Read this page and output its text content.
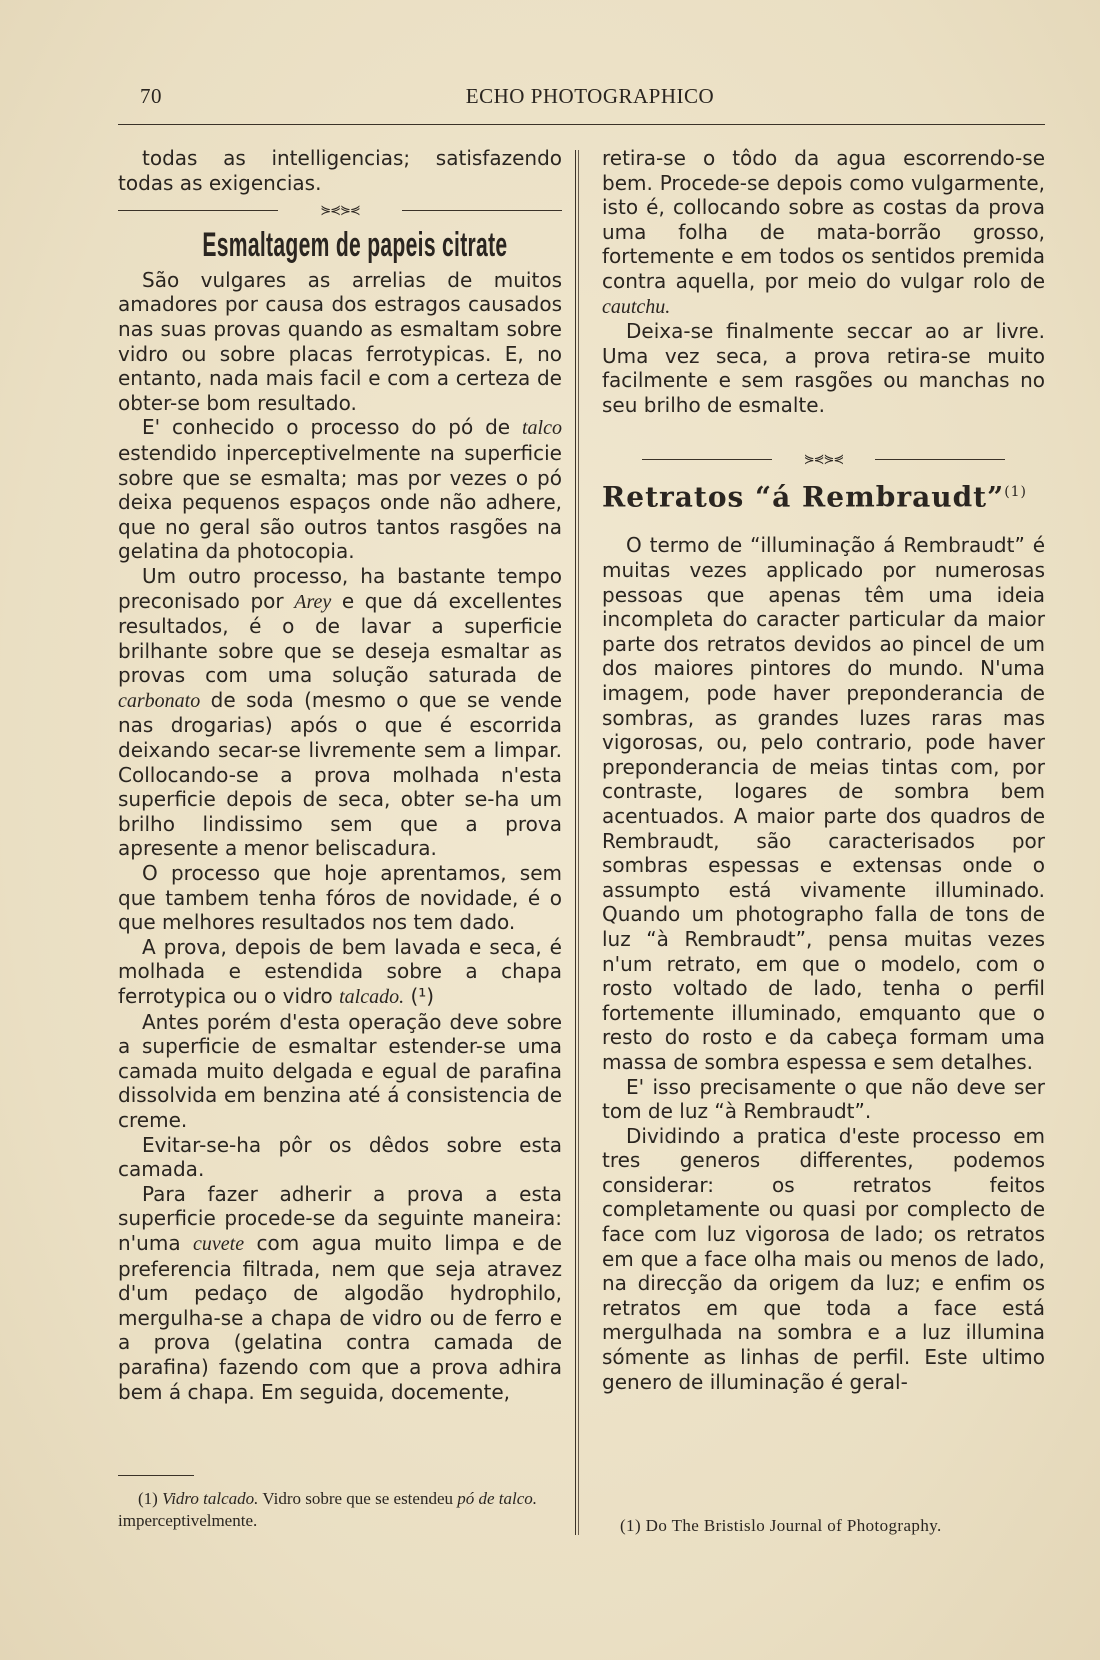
70	ECHO PHOTOGRAPHICO

todas as intelligencias; satisfazendo todas as exigencias.

⋟⋞⋟⋞
Esmaltagem de papeis citrate

São vulgares as arrelias de muitos amadores por causa dos estragos causados nas suas provas quando as esmaltam sobre vidro ou sobre placas ferrotypicas. E, no entanto, nada mais facil e com a certeza de obter-se bom resultado.

E' conhecido o processo do pó de talco estendido inperceptivelmente na superficie sobre que se esmalta; mas por vezes o pó deixa pequenos espaços onde não adhere, que no geral são outros tantos rasgões na gelatina da photocopia.

Um outro processo, ha bastante tempo preconisado por Arey e que dá excellentes resultados, é o de lavar a superficie brilhante sobre que se deseja esmaltar as provas com uma solução saturada de carbonato de soda (mesmo o que se vende nas drogarias) após o que é escorrida deixando secar-se livremente sem a limpar. Collocando-se a prova molhada n'esta superficie depois de seca, obter se-ha um brilho lindissimo sem que a prova apresente a menor beliscadura.

O processo que hoje aprentamos, sem que tambem tenha fóros de novidade, é o que melhores resultados nos tem dado.

A prova, depois de bem lavada e seca, é molhada e estendida sobre a chapa ferrotypica ou o vidro talcado. (¹)

Antes porém d'esta operação deve sobre a superficie de esmaltar estender-se uma camada muito delgada e egual de parafina dissolvida em benzina até á consistencia de creme.

Evitar-se-ha pôr os dêdos sobre esta camada.

Para fazer adherir a prova a esta superficie procede-se da seguinte maneira: n'uma cuvete com agua muito limpa e de preferencia filtrada, nem que seja atravez d'um pedaço de algodão hydrophilo, mergulha-se a chapa de vidro ou de ferro e a prova (gelatina contra camada de parafina) fazendo com que a prova adhira bem á chapa. Em seguida, docemente,

(1) Vidro talcado. Vidro sobre que se estendeu pó de talco. imperceptivelmente.

retira-se o tôdo da agua escorrendo-se bem. Procede-se depois como vulgarmente, isto é, collocando sobre as costas da prova uma folha de mata-borrão grosso, fortemente e em todos os sentidos premida contra aquella, por meio do vulgar rolo de cautchu.

Deixa-se finalmente seccar ao ar livre. Uma vez seca, a prova retira-se muito facilmente e sem rasgões ou manchas no seu brilho de esmalte.

⋟⋞⋟⋞
Retratos “á Rembraudt”$^{(1)}$

O termo de “illuminação á Rembraudt” é muitas vezes applicado por numerosas pessoas que apenas têm uma ideia incompleta do caracter particular da maior parte dos retratos devidos ao pincel de um dos maiores pintores do mundo. N'uma imagem, pode haver preponderancia de sombras, as grandes luzes raras mas vigorosas, ou, pelo contrario, pode haver preponderancia de meias tintas com, por contraste, logares de sombra bem acentuados. A maior parte dos quadros de Rembraudt, são caracterisados por sombras espessas e extensas onde o assumpto está vivamente illuminado. Quando um photographo falla de tons de luz “à Rembraudt”, pensa muitas vezes n'um retrato, em que o modelo, com o rosto voltado de lado, tenha o perfil fortemente illuminado, emquanto que o resto do rosto e da cabeça formam uma massa de sombra espessa e sem detalhes.

E' isso precisamente o que não deve ser tom de luz “à Rembraudt”.

Dividindo a pratica d'este processo em tres generos differentes, podemos considerar: os retratos feitos completamente ou quasi por complecto de face com luz vigorosa de lado; os retratos em que a face olha mais ou menos de lado, na direcção da origem da luz; e enfim os retratos em que toda a face está mergulhada na sombra e a luz illumina sómente as linhas de perfil. Este ultimo genero de illuminação é geral-

(1) Do The Bristislo Journal of Photography.
